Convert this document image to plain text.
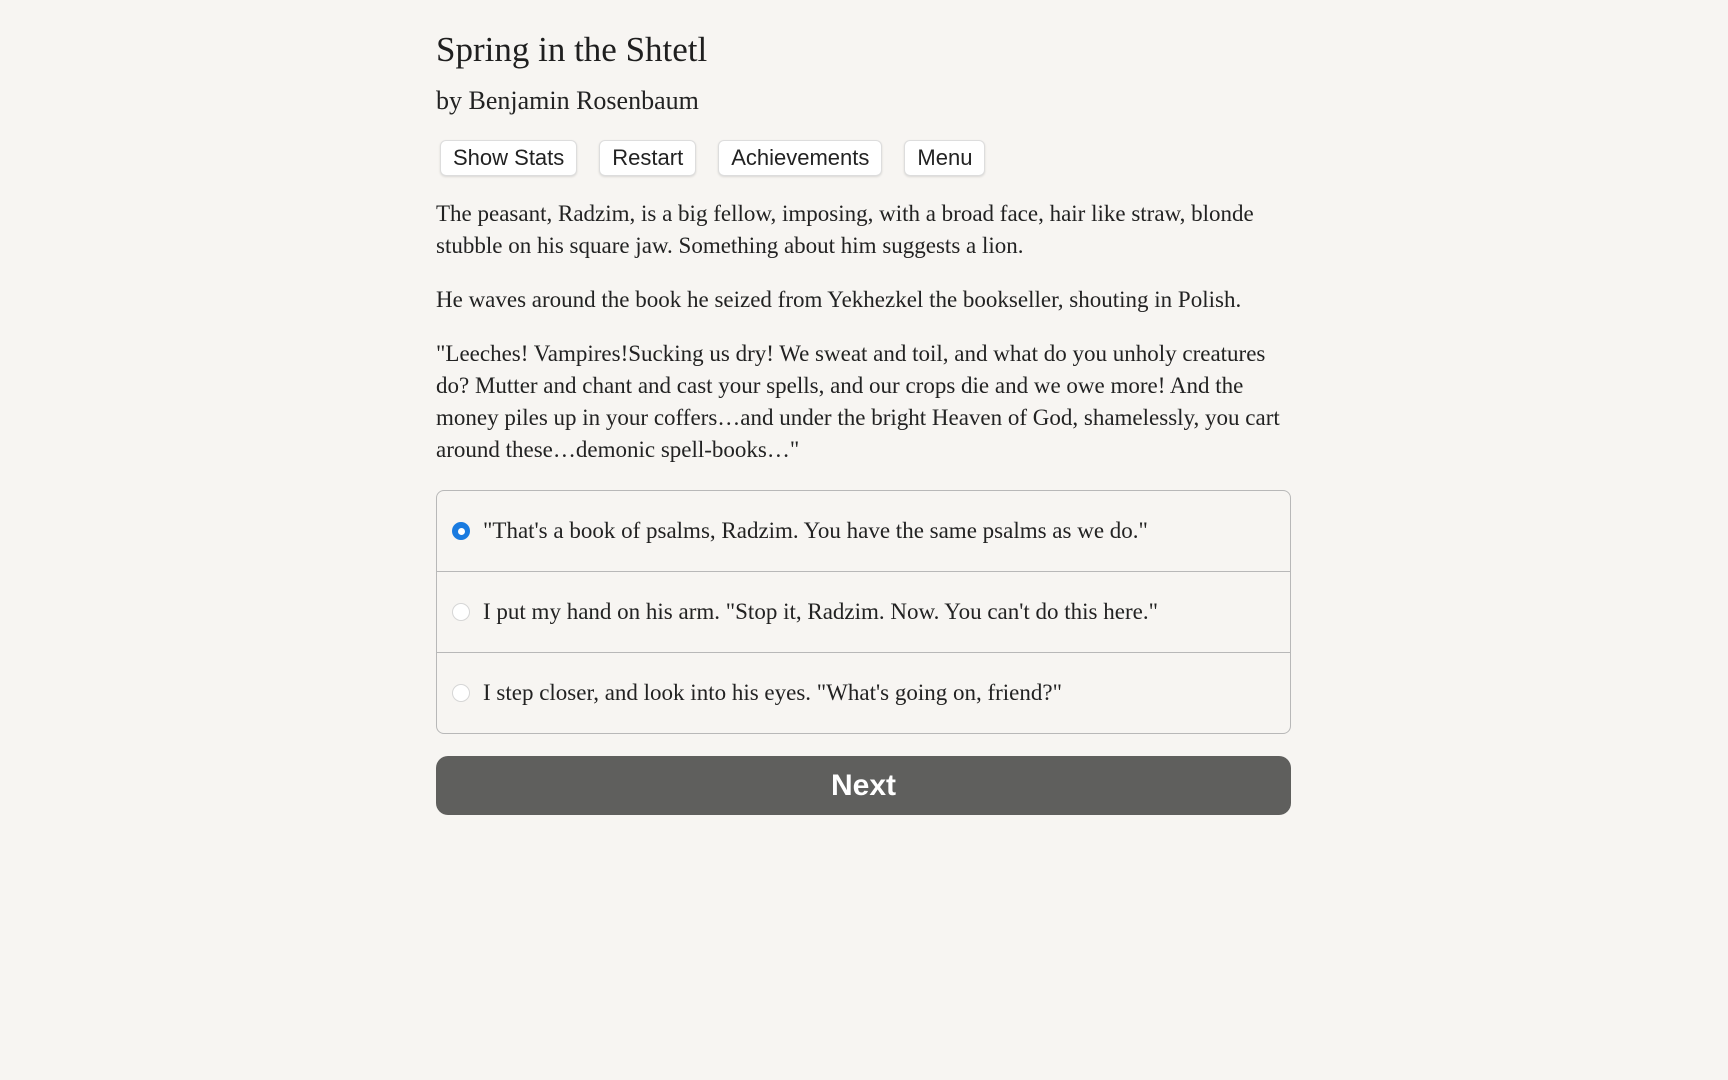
Spring in the Shtetl
by Benjamin Rosenbaum
Show Stats	Restart	Achievements	Menu

The peasant, Radzim, is a big fellow, imposing, with a broad face, hair like straw, blonde stubble on his square jaw. Something about him suggests a lion.

He waves around the book he seized from Yekhezkel the bookseller, shouting in Polish.

"Leeches! Vampires!Sucking us dry! We sweat and toil, and what do you unholy creatures do? Mutter and chant and cast your spells, and our crops die and we owe more! And the money piles up in your coffers…and under the bright Heaven of God, shamelessly, you cart around these…demonic spell-books…"

"That's a book of psalms, Radzim. You have the same psalms as we do."
I put my hand on his arm. "Stop it, Radzim. Now. You can't do this here."
I step closer, and look into his eyes. "What's going on, friend?"
Next
